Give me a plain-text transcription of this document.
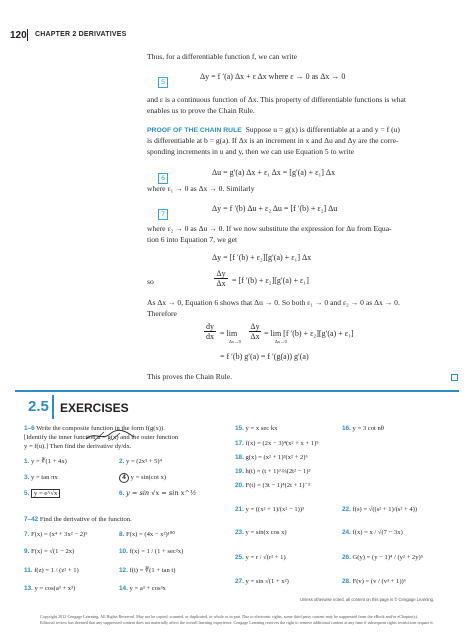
120 CHAPTER 2 DERIVATIVES
Thus, for a differentiable function f, we can write
5
Δy = f ′(a) Δx + ε Δx where ε → 0 as Δx → 0
and ε is a continuous function of Δx. This property of differentiable functions is what
enables us to prove the Chain Rule.
PROOF OF THE CHAIN RULE Suppose u = g(x) is differentiable at a and y = f (u)
is differentiable at b = g(a). If Δx is an increment in x and Δu and Δy are the corre-
sponding increments in u and y, then we can use Equation 5 to write
6
Δu = g′(a) Δx + ε₁ Δx = [g′(a) + ε₁] Δx
where ε₁ → 0 as Δx → 0. Similarly
7
Δy = f ′(b) Δu + ε₂ Δu = [f ′(b) + ε₂] Δu
where ε₂ → 0 as Δu → 0. If we now substitute the expression for Δu from Equa-
tion 6 into Equation 7, we get
Δy = [f ′(b) + ε₂][g′(a) + ε₁] Δx
so	$\frac{\Delta y}{\Delta x} = [f$ ′(b) + ε₂][g′(a) + ε₁]
As Δx → 0, Equation 6 shows that Δu → 0. So both ε₁ → 0 and ε₂ → 0 as Δx → 0.
Therefore
$\frac{dy}{dx} = \lim$
Δx→0
$\frac{\Delta y}{\Delta x} = \lim [f$ ′(b) + ε₂][g′(a) + ε₁]
Δx→0
= f ′(b) g′(a) = f ′(g(a)) g′(a)
This proves the Chain Rule.
2.5 EXERCISES
1–6 Write the composite function in the form f(g(x)).
[Identify the inner function u = g(x) and the outer function
y = f(u).] Then find the derivative dy/dx.
1. y = ∛(1 + 4x)	2. y = (2x³ + 5)⁴
3. y = tan πx	4 y = sin(cot x)
5. y = e^√x	6. y = sin √x = sin x^½
7–42 Find the derivative of the function.
7. F(x) = (x⁴ + 3x² − 2)⁵	8. F(x) = (4x − x²)¹⁰⁰
9. F(x) = √(1 − 2x)	10. f(x) = 1 / (1 + sec²x)
11. f(z) = 1 / (z² + 1)	12. f(t) = ∛(1 + tan t)
13. y = cos(a³ + x³)	14. y = a³ + cos³x
15. y = x sec kx	16. y = 3 cot nθ
17. f(x) = (2x − 3)⁴(x² + x + 1)⁵
18. g(x) = (x² + 1)³(x² + 2)⁶
19. h(t) = (t + 1)^⅔(2t² − 1)³
20. F(t) = (3t − 1)⁴(2t + 1)⁻³
21. y = ((x² + 1)/(x² − 1))³	22. f(s) = √((s² + 1)/(s² + 4))
23. y = sin(x cos x)	24. f(x) = x / √(7 − 3x)
25. y = r / √(r² + 1)	26. G(y) = (y − 1)⁴ / (y² + 2y)⁵
27. y = sin √(1 + x²)	28. F(v) = (v / (v³ + 1))⁶
Unless otherwise noted, all content on this page is © Cengage Learning.
Copyright 2012 Cengage Learning. All Rights Reserved. May not be copied, scanned, or duplicated, in whole or in part. Due to electronic rights, some third party content may be suppressed from the eBook and/or eChapter(s).
Editorial review has deemed that any suppressed content does not materially affect the overall learning experience. Cengage Learning reserves the right to remove additional content at any time if subsequent rights restrictions require it.
